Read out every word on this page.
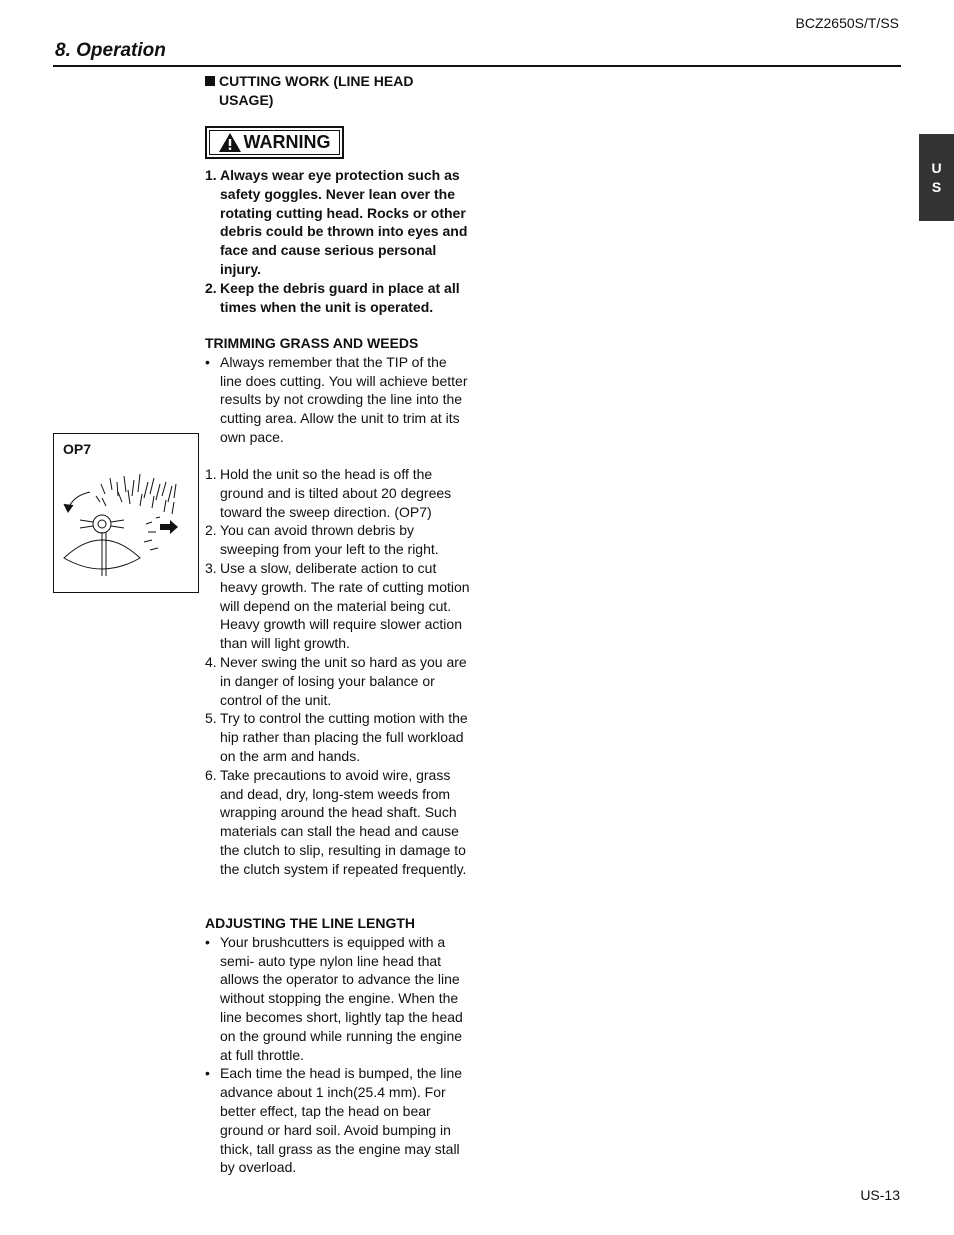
BCZ2650S/T/SS
8. Operation
U
S
CUTTING WORK (LINE HEAD
USAGE)
WARNING
1. Always wear eye protection such as safety goggles. Never lean over the rotating cutting head. Rocks or other debris could be thrown into eyes and face and cause serious personal injury.
2. Keep the debris guard in place at all times when the unit is operated.
TRIMMING GRASS AND WEEDS
• Always remember that the TIP of the line does cutting. You will achieve better results by not crowding the line into the cutting area. Allow the unit to trim at its own pace.
1. Hold the unit so the head is off the ground and is tilted about 20 degrees toward the sweep direction. (OP7)
2. You can avoid thrown debris by sweeping from your left to the right.
3. Use a slow, deliberate action to cut heavy growth. The rate of cutting motion will depend on the material being cut. Heavy growth will require slower action than will light growth.
4. Never swing the unit so hard as you are in danger of losing your balance or control of the unit.
5. Try to control the cutting motion with the hip rather than placing the full workload on the arm and hands.
6. Take precautions to avoid wire, grass and dead, dry, long-stem weeds from wrapping around the head shaft. Such materials can stall the head and cause the clutch to slip, resulting in damage to the clutch system if repeated frequently.
ADJUSTING THE LINE LENGTH
• Your brushcutters is equipped with a semi- auto type nylon line head that allows the operator to advance the line without stopping the engine. When the line becomes short, lightly tap the head on the ground while running the engine at full throttle.
• Each time the head is bumped, the line advance about 1 inch(25.4 mm). For better effect, tap the head on bear ground or hard soil. Avoid bumping in thick, tall grass as the engine may stall by overload.
OP7
US-13
